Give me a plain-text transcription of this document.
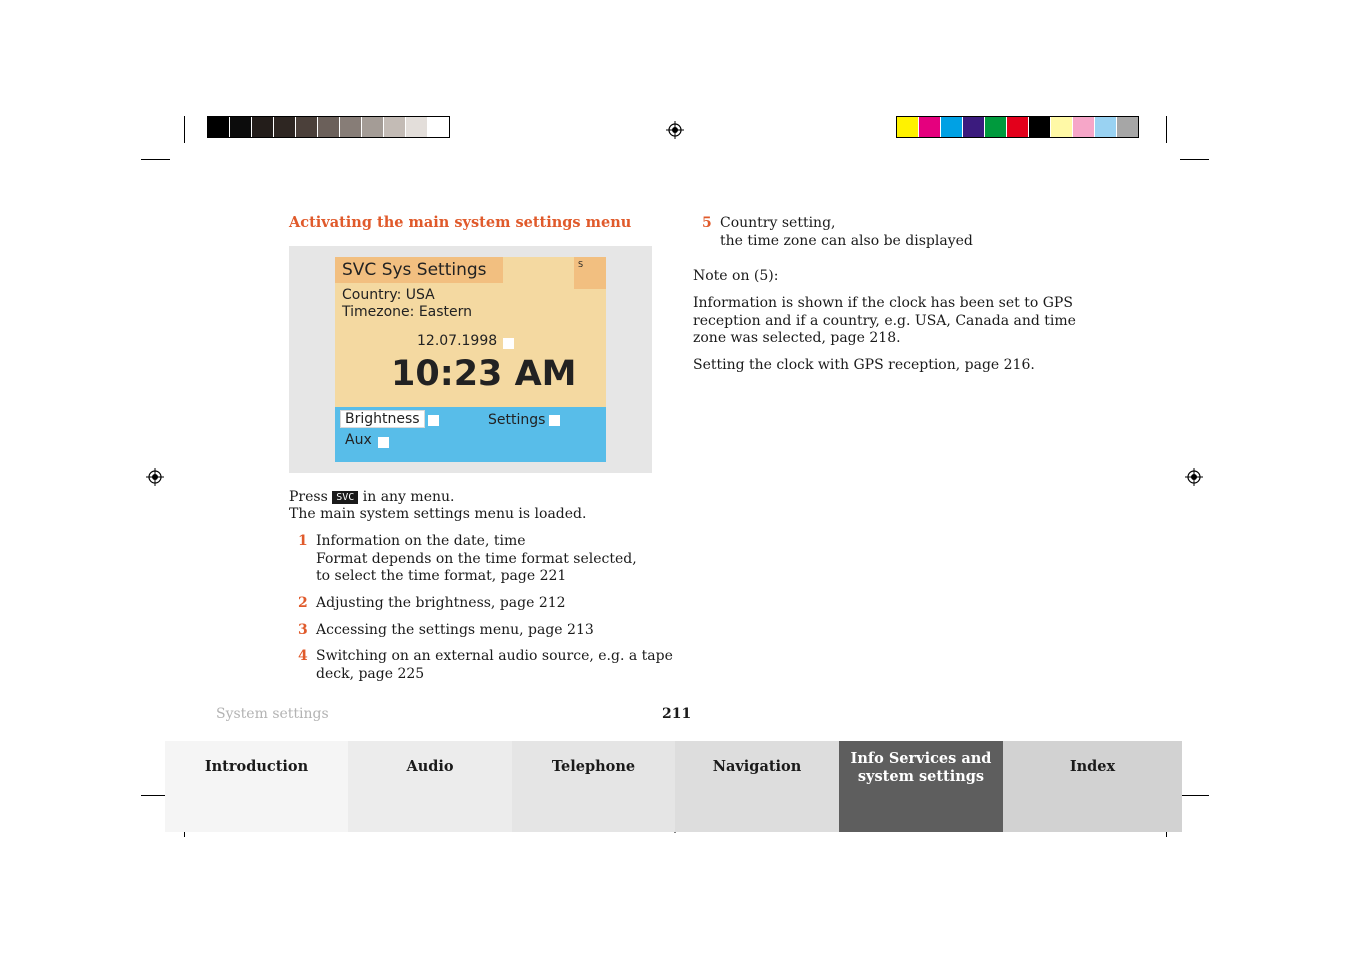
Activating the main system settings menu
SVC Sys Settings	S
Country: USA
Timezone: Eastern
12.07.1998
10:23 AM
Brightness	Settings
Aux
Press SVC in any menu.
The main system settings menu is loaded.
1 Information on the date, time
Format depends on the time format selected,
to select the time format, page 221
2 Adjusting the brightness, page 212
3 Accessing the settings menu, page 213
4 Switching on an external audio source, e.g. a tape
deck, page 225
5 Country setting,
the time zone can also be displayed
Note on (5):
Information is shown if the clock has been set to GPS
reception and if a country, e.g. USA, Canada and time
zone was selected, page 218.
Setting the clock with GPS reception, page 216.
System settings	211
Introduction	Audio	Telephone	Navigation	Info Services and system settings
Index
